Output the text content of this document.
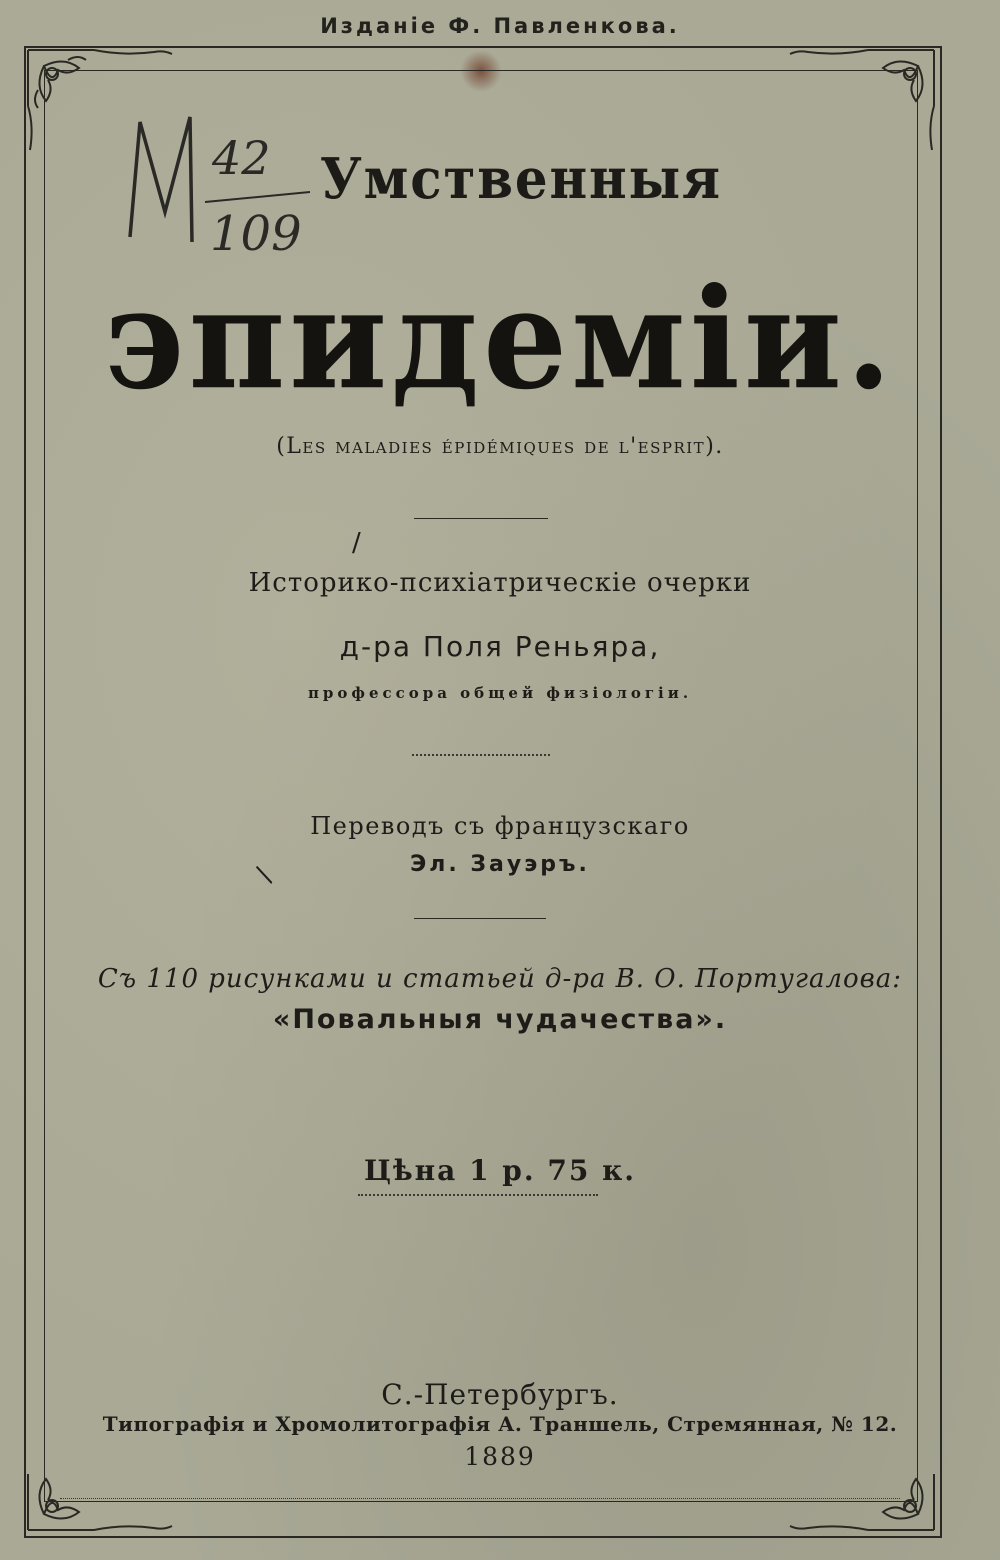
Изданiе Ф. Павленкова.
42
109
Умственныя
эпидемiи.
(Les maladies épidémiques de l'esprit).
/
Историко-психiатрическiе очерки
д-ра Поля Реньяра,
профессора общей физiологiи.
Переводъ съ французскаго
/	Эл. Зауэръ.
Съ 110 рисунками и статьей д-ра В. О. Португалова:
«Повальныя чудачества».
Цѣна 1 р. 75 к.
С.-Петербургъ.
Типографiя и Хромолитографiя А. Траншель, Стремянная, № 12.
1889
